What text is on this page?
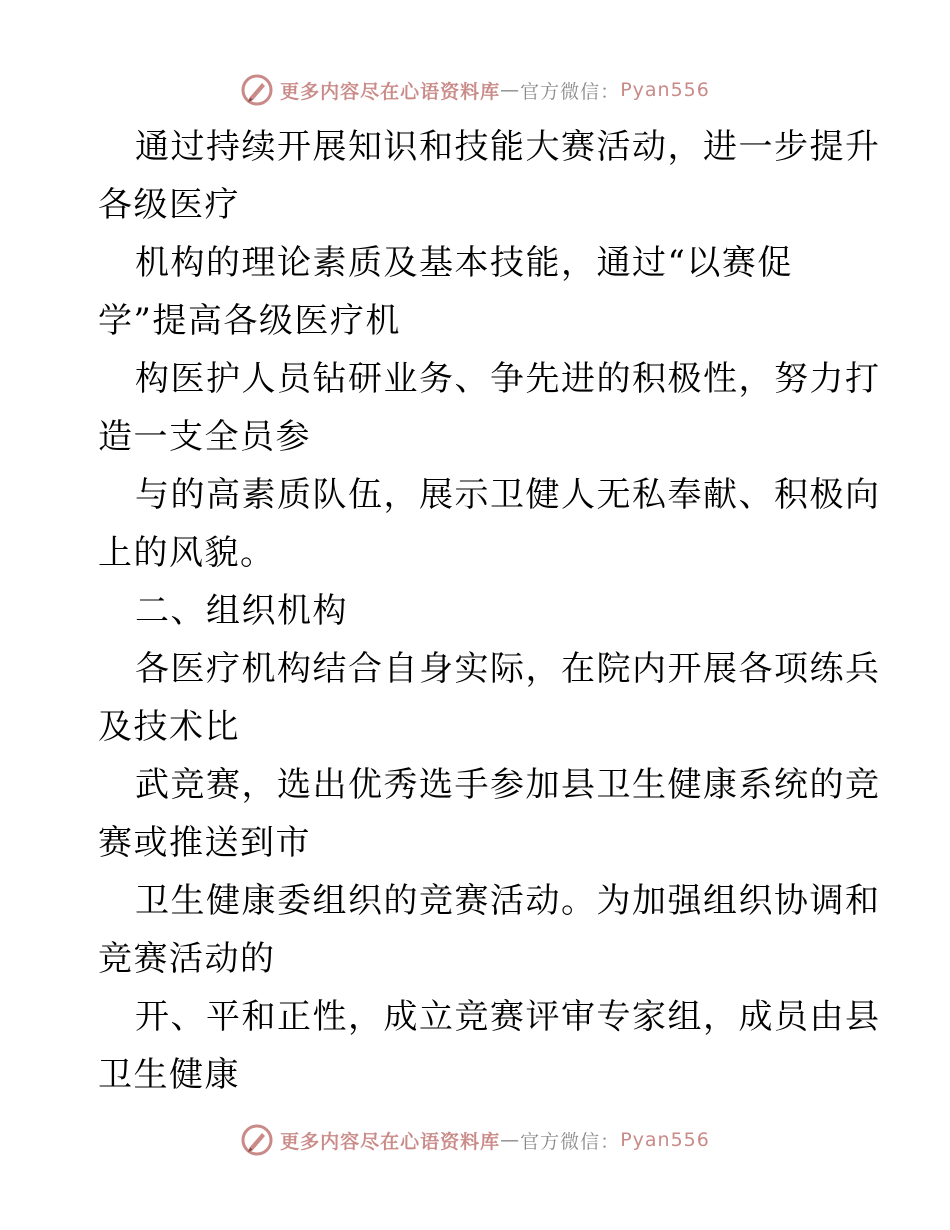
更多内容尽在心语资料库 — 官方微信： Pyan556
通过持续开展知识和技能大赛活动，进一步提升
各级医疗
机构的理论素质及基本技能，通过“以赛促
学”提高各级医疗机
构医护人员钻研业务、争先进的积极性，努力打
造一支全员参
与的高素质队伍，展示卫健人无私奉献、积极向
上的风貌。
二、组织机构
各医疗机构结合自身实际，在院内开展各项练兵
及技术比
武竞赛，选出优秀选手参加县卫生健康系统的竞
赛或推送到市
卫生健康委组织的竞赛活动。为加强组织协调和
竞赛活动的
开、平和正性，成立竞赛评审专家组，成员由县
卫生健康
更多内容尽在心语资料库 — 官方微信： Pyan556
